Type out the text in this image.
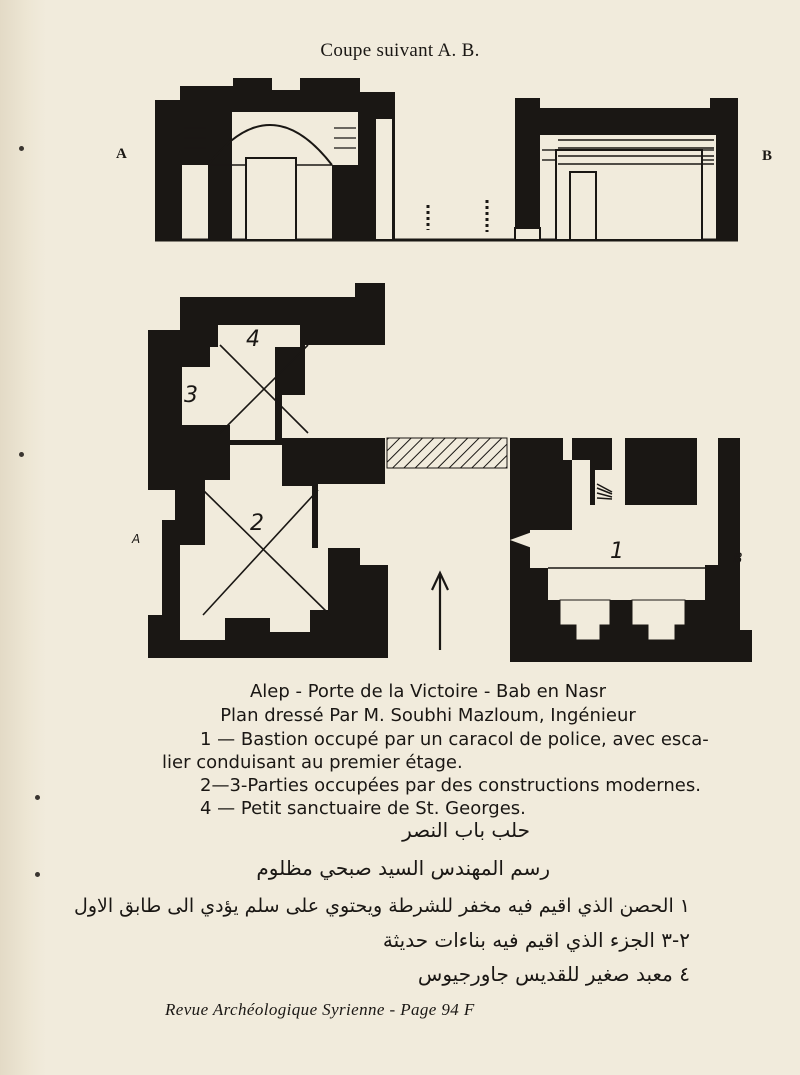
Coupe suivant A. B.
A	B
4
3
2
1
A
B
Alep - Porte de la Victoire - Bab en Nasr
Plan dressé Par M. Soubhi Mazloum, Ingénieur
1 — Bastion occupé par un caracol de police, avec esca-
lier conduisant au premier étage.
2—3-Parties occupées par des constructions modernes.
4 — Petit sanctuaire de St. Georges.
حلب باب النصر
رسم المهندس السيد صبحي مظلوم
١ الحصن الذي اقيم فيه مخفر للشرطة ويحتوي على سلم يؤدي الى طابق الاول
٢-٣ الجزء الذي اقيم فيه بناءات حديثة
٤ معبد صغير للقديس جاورجيوس
Revue Archéologique Syrienne - Page 94 F
